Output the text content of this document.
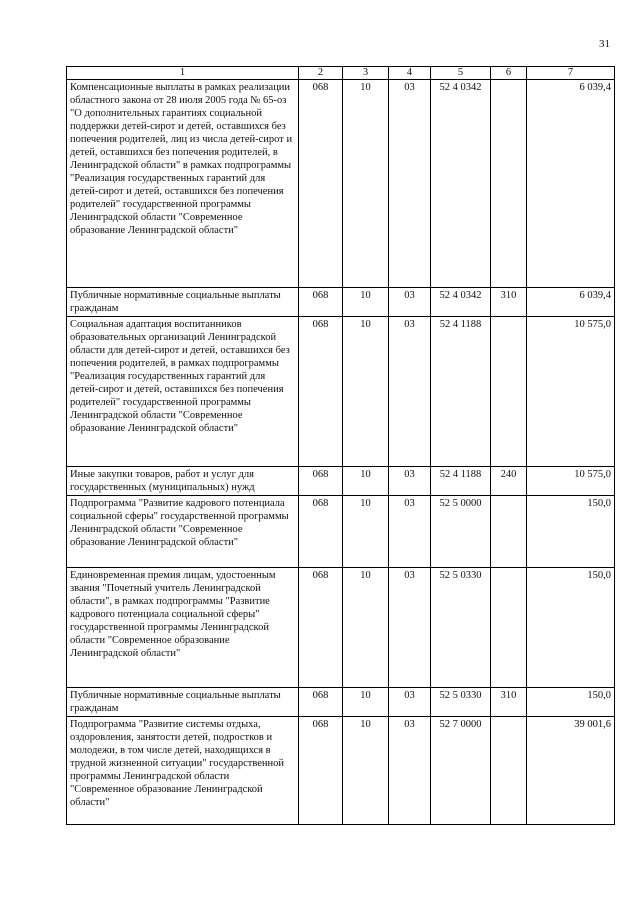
31
1	2	3	4	5	6	7
Компенсационные выплаты в рамках реализации областного закона от 28 июля 2005 года № 65-оз "О дополнительных гарантиях социальной поддержки детей-сирот и детей, оставшихся без попечения родителей, лиц из числа детей-сирот и детей, оставшихся без попечения родителей, в Ленинградской области" в рамках подпрограммы "Реализация государственных гарантий для детей-сирот и детей, оставшихся без попечения родителей" государственной программы Ленинградской области "Современное образование Ленинградской области"	068	10	03	52 4 0342		6 039,4
Публичные нормативные социальные выплаты гражданам	068	10	03	52 4 0342	310	6 039,4
Социальная адаптация воспитанников образовательных организаций Ленинградской области для детей-сирот и детей, оставшихся без попечения родителей, в рамках подпрограммы "Реализация государственных гарантий для детей-сирот и детей, оставшихся без попечения родителей" государственной программы Ленинградской области "Современное образование Ленинградской области"	068	10	03	52 4 1188		10 575,0
Иные закупки товаров, работ и услуг для государственных (муниципальных) нужд	068	10	03	52 4 1188	240	10 575,0
Подпрограмма "Развитие кадрового потенциала социальной сферы" государственной программы Ленинградской области "Современное образование Ленинградской области"	068	10	03	52 5 0000		150,0
Единовременная премия лицам, удостоенным звания "Почетный учитель Ленинградской области", в рамках подпрограммы "Развитие кадрового потенциала социальной сферы" государственной программы Ленинградской области "Современное образование Ленинградской области"	068	10	03	52 5 0330		150,0
Публичные нормативные социальные выплаты гражданам	068	10	03	52 5 0330	310	150,0
Подпрограмма "Развитие системы отдыха, оздоровления, занятости детей, подростков и молодежи, в том числе детей, находящихся в трудной жизненной ситуации" государственной программы Ленинградской области "Современное образование Ленинградской области"	068	10	03	52 7 0000		39 001,6
